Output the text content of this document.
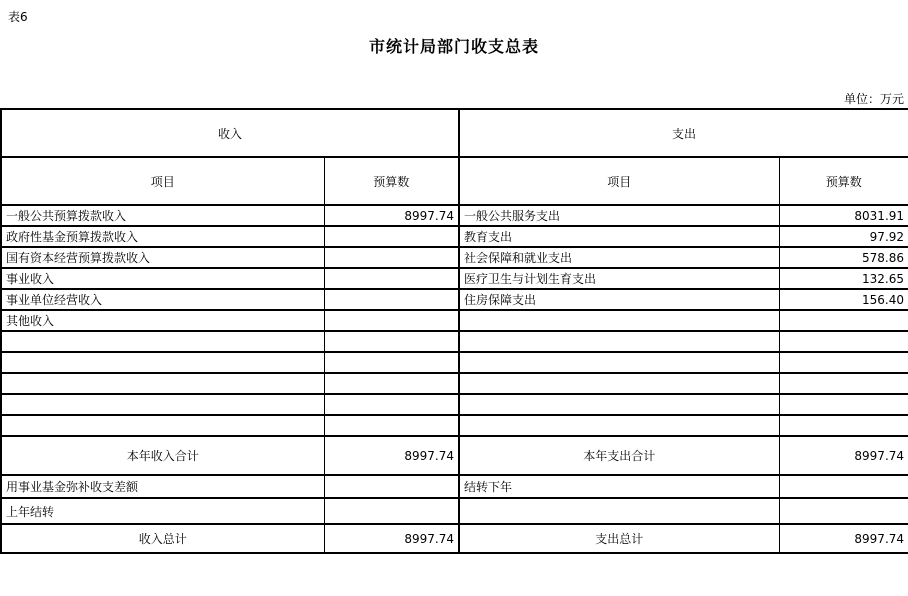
表6
市统计局部门收支总表
单位：万元
收入		支出	
项目	预算数	项目	预算数
一般公共预算拨款收入	8997.74	一般公共服务支出	8031.91
政府性基金预算拨款收入		教育支出	97.92
国有资本经营预算拨款收入		社会保障和就业支出	578.86
事业收入		医疗卫生与计划生育支出	132.65
事业单位经营收入		住房保障支出	156.40
其他收入			

本年收入合计	8997.74	本年支出合计	8997.74
用事业基金弥补收支差额		结转下年	
上年结转			
收入总计	8997.74	支出总计	8997.74
